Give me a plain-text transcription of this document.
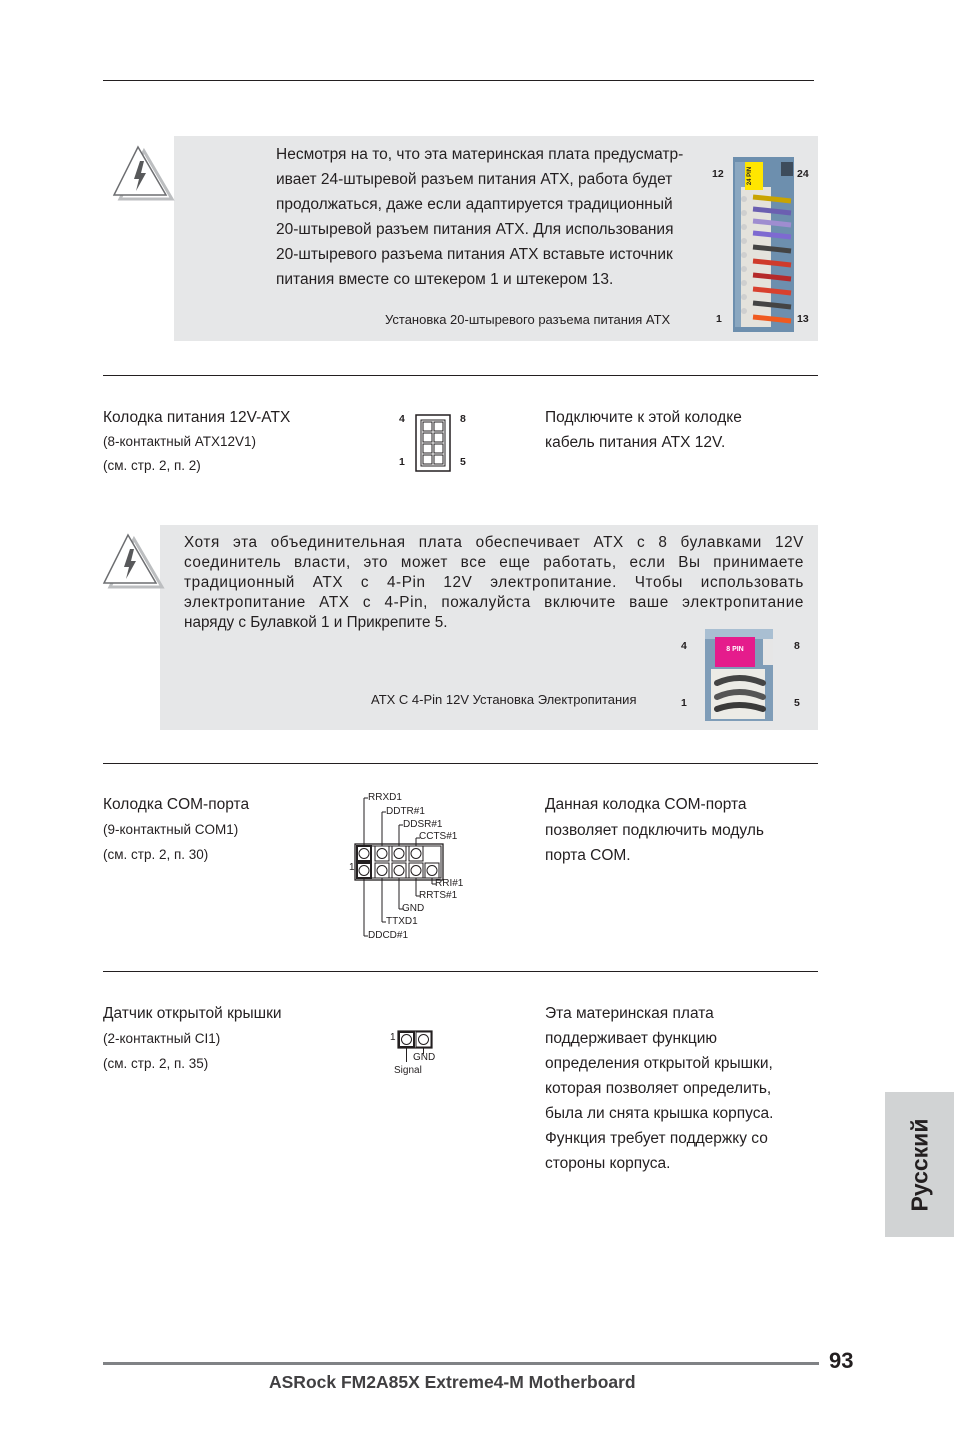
Несмотря на то, что эта материнская плата предусматр-
ивает 24-штыревой разъем питания ATX, работа будет
продолжаться, даже если адаптируется традиционный
20-штыревой разъем питания ATX. Для использования
20-штыревого разъема питания ATX вставьте источник
питания вместе со штекером 1 и штекером 13.
Установка 20-штыревого разъема питания ATX
12	24
1	13
24 PIN
Колодка питания 12V-ATX
(8-контактный ATX12V1)
(см. стр. 2, п. 2)
4	8
1	5
Подключите к этой колодке
кабель питания ATX 12V.
Хотя эта объединительная плата обеспечивает ATX с 8 булавками 12V
соединитель власти, это может все еще работать, если Вы принимаете
традиционный ATX с 4-Pin 12V электропитание. Чтобы использовать
электропитание ATX с 4-Pin, пожалуйста включите ваше электропитание
наряду с Булавкой 1 и Прикрепите 5.
ATX С 4-Pin 12V Установка Электропитания
4	8
1	5
8 PIN
Колодка COM-порта
(9-контактный COM1)
(см. стр. 2, п. 30)
Данная колодка COM-порта
позволяет подключить модуль
порта COM.
1
RRXD1
DDTR#1
DDSR#1
CCTS#1
RRI#1
RRTS#1
GND
TTXD1
DDCD#1
Датчик открытой крышки
(2-контактный CI1)
(см. стр. 2, п. 35)
Эта материнская плата
поддерживает функцию
определения открытой крышки,
которая позволяет определить,
была ли снята крышка корпуса.
Функция требует поддержку со
стороны корпуса.
1
GND
Signal
Русский
93
ASRock FM2A85X Extreme4-M Motherboard
